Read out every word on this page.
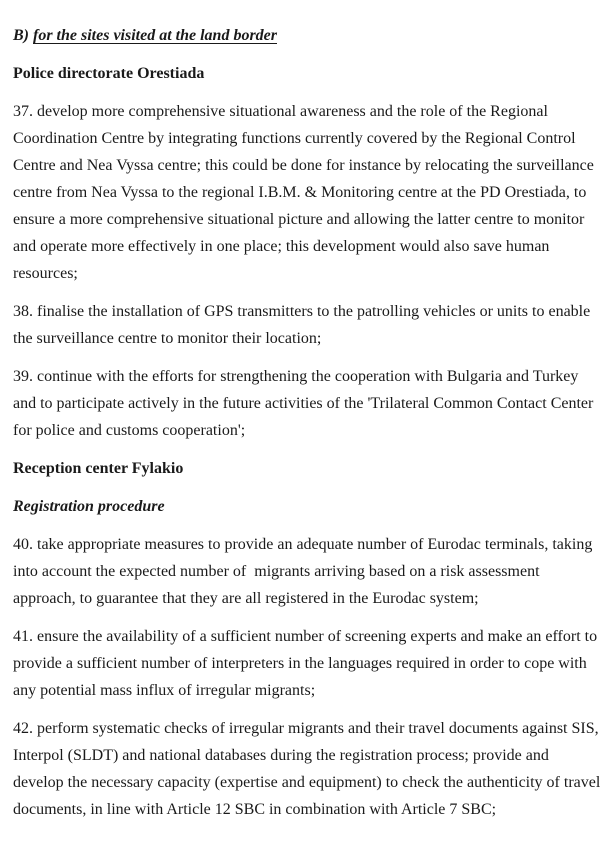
B) for the sites visited at the land border
Police directorate Orestiada

37. develop more comprehensive situational awareness and the role of the Regional Coordination Centre by integrating functions currently covered by the Regional Control Centre and Nea Vyssa centre; this could be done for instance by relocating the surveillance centre from Nea Vyssa to the regional I.B.M. & Monitoring centre at the PD Orestiada, to ensure a more comprehensive situational picture and allowing the latter centre to monitor and operate more effectively in one place; this development would also save human resources;

38. finalise the installation of GPS transmitters to the patrolling vehicles or units to enable the surveillance centre to monitor their location;

39. continue with the efforts for strengthening the cooperation with Bulgaria and Turkey and to participate actively in the future activities of the 'Trilateral Common Contact Center for police and customs cooperation';

Reception center Fylakio
Registration procedure

40. take appropriate measures to provide an adequate number of Eurodac terminals, taking into account the expected number of  migrants arriving based on a risk assessment approach, to guarantee that they are all registered in the Eurodac system;

41. ensure the availability of a sufficient number of screening experts and make an effort to provide a sufficient number of interpreters in the languages required in order to cope with any potential mass influx of irregular migrants;

42. perform systematic checks of irregular migrants and their travel documents against SIS, Interpol (SLDT) and national databases during the registration process; provide and develop the necessary capacity (expertise and equipment) to check the authenticity of travel documents, in line with Article 12 SBC in combination with Article 7 SBC;
